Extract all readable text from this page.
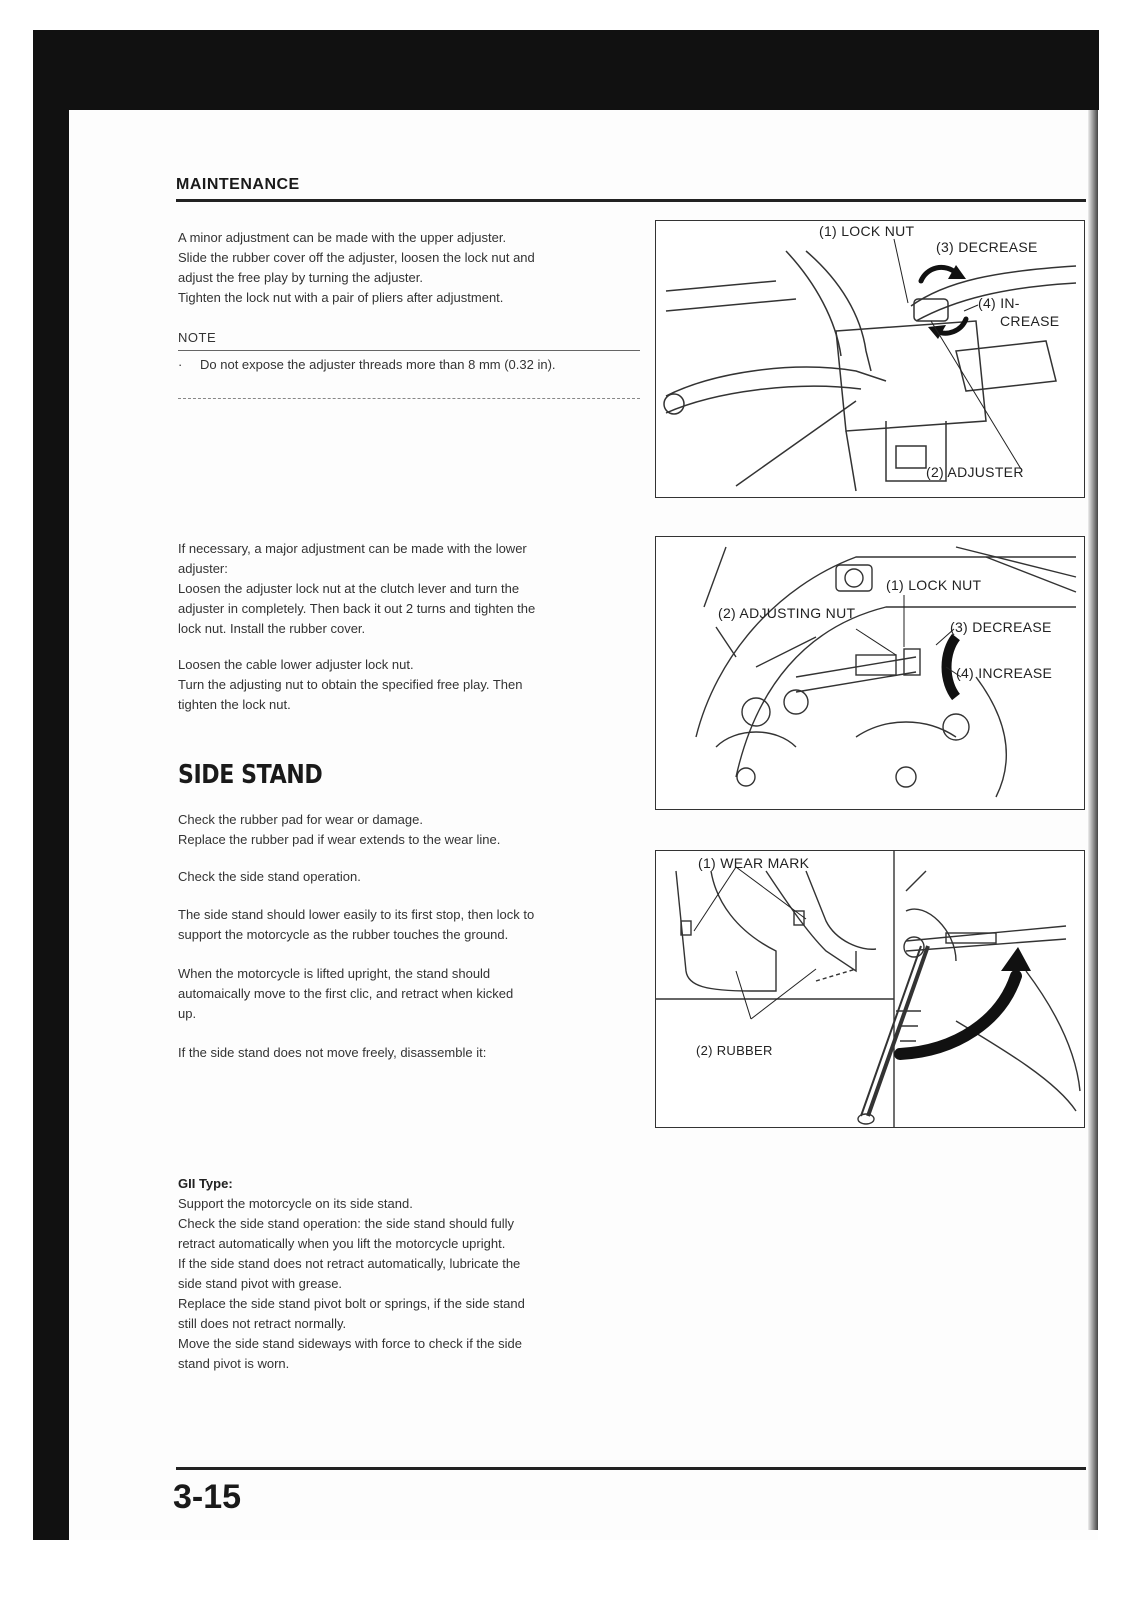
MAINTENANCE

A minor adjustment can be made with the upper adjuster.
Slide the rubber cover off the adjuster, loosen the lock nut and
adjust the free play by turning the adjuster.
Tighten the lock nut with a pair of pliers after adjustment.

NOTE
·	Do not expose the adjuster threads more than 8 mm (0.32 in).

If necessary, a major adjustment can be made with the lower
adjuster:
Loosen the adjuster lock nut at the clutch lever and turn the
adjuster in completely. Then back it out 2 turns and tighten the
lock nut. Install the rubber cover.

Loosen the cable lower adjuster lock nut.
Turn the adjusting nut to obtain the specified free play. Then
tighten the lock nut.

SIDE STAND

Check the rubber pad for wear or damage.
Replace the rubber pad if wear extends to the wear line.

Check the side stand operation.

The side stand should lower easily to its first stop, then lock to
support the motorcycle as the rubber touches the ground.

When the motorcycle is lifted upright, the stand should
automaically move to the first clic, and retract when kicked
up.

If the side stand does not move freely, disassemble it:

GII Type:

Support the motorcycle on its side stand.
Check the side stand operation: the side stand should fully
retract automatically when you lift the motorcycle upright.
If the side stand does not retract automatically, lubricate the
side stand pivot with grease.
Replace the side stand pivot bolt or springs, if the side stand
still does not retract normally.
Move the side stand sideways with force to check if the side
stand pivot is worn.

(1) LOCK NUT
(3) DECREASE
(4) IN-
CREASE
(2) ADJUSTER
(1) LOCK NUT
(2) ADJUSTING NUT
(3) DECREASE
(4) INCREASE
(1) WEAR MARK
(2) RUBBER
3-15
